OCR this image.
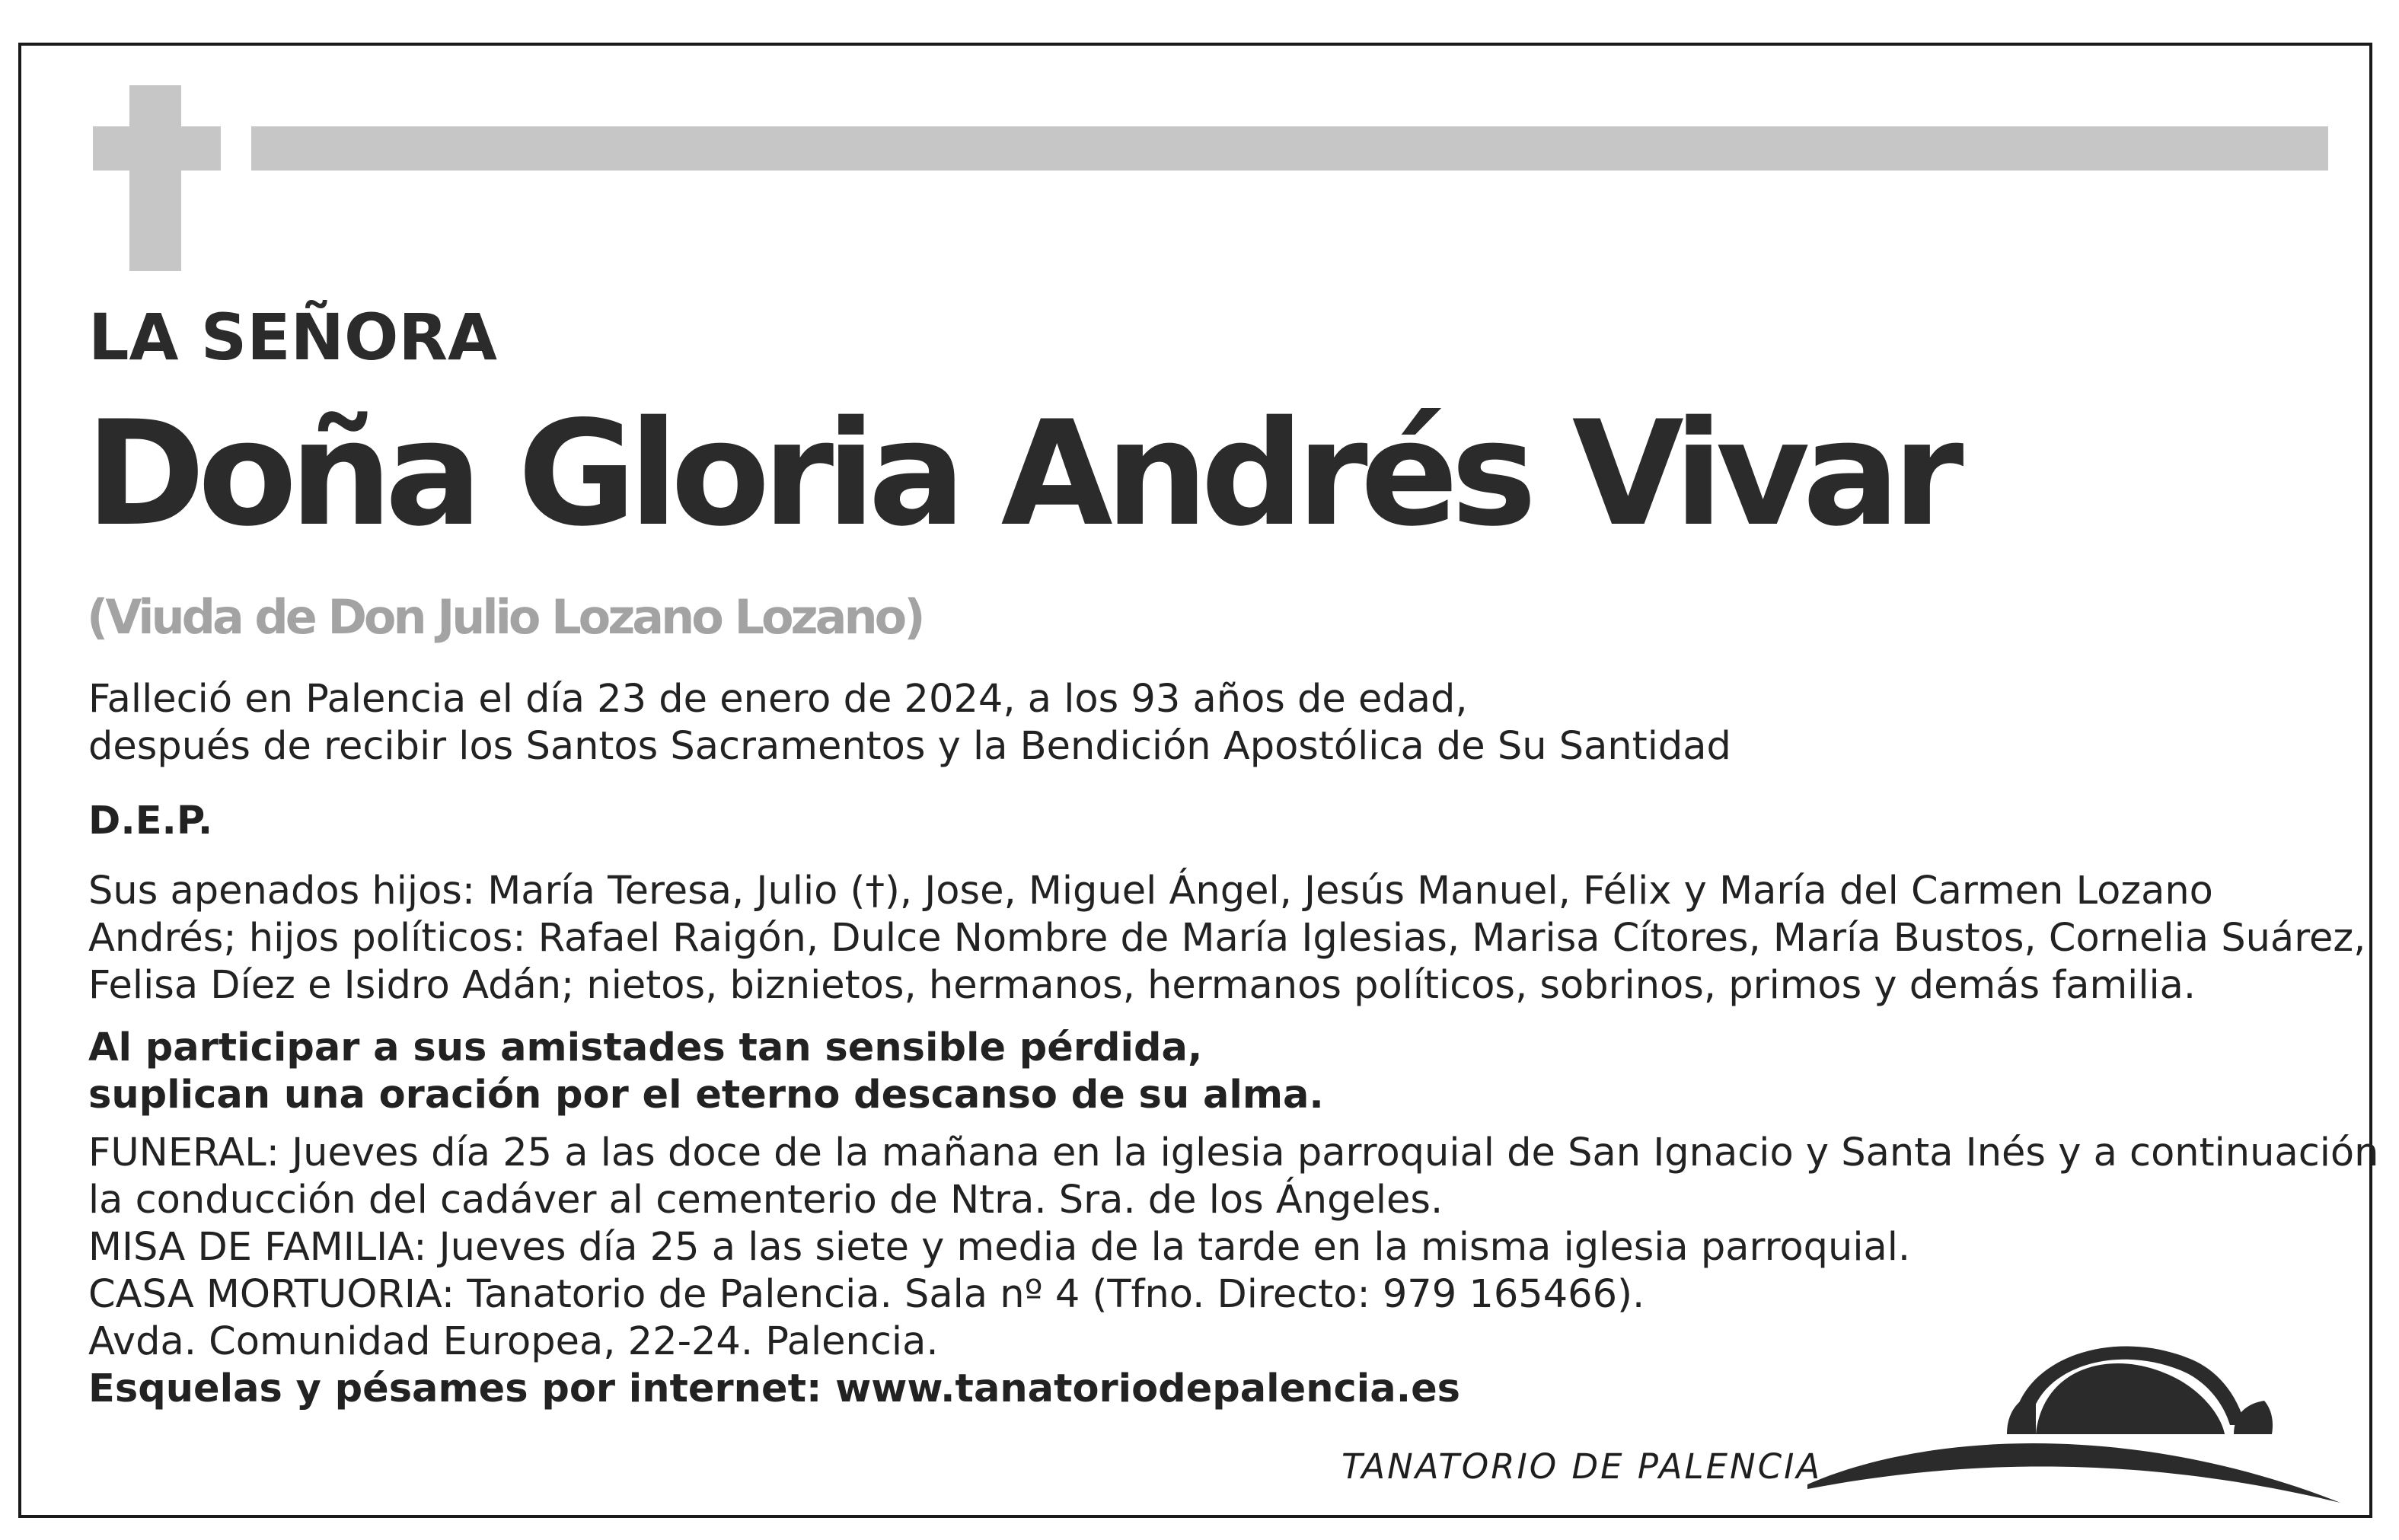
LA SEÑORA
Doña Gloria Andrés Vivar
(Viuda de Don Julio Lozano Lozano)
Falleció en Palencia el día 23 de enero de 2024, a los 93 años de edad,
después de recibir los Santos Sacramentos y la Bendición Apostólica de Su Santidad
D.E.P.
Sus apenados hijos: María Teresa, Julio (†), Jose, Miguel Ángel, Jesús Manuel, Félix y María del Carmen Lozano
Andrés; hijos políticos: Rafael Raigón, Dulce Nombre de María Iglesias, Marisa Cítores, María Bustos, Cornelia Suárez,
Felisa Díez e Isidro Adán; nietos, biznietos, hermanos, hermanos políticos, sobrinos, primos y demás familia.
Al participar a sus amistades tan sensible pérdida,
suplican una oración por el eterno descanso de su alma.
FUNERAL: Jueves día 25 a las doce de la mañana en la iglesia parroquial de San Ignacio y Santa Inés y a continuación
la conducción del cadáver al cementerio de Ntra. Sra. de los Ángeles.
MISA DE FAMILIA: Jueves día 25 a las siete y media de la tarde en la misma iglesia parroquial.
CASA MORTUORIA: Tanatorio de Palencia. Sala nº 4 (Tfno. Directo: 979 165466).
Avda. Comunidad Europea, 22-24. Palencia.
Esquelas y pésames por internet: www.tanatoriodepalencia.es
TANATORIO DE PALENCIA
